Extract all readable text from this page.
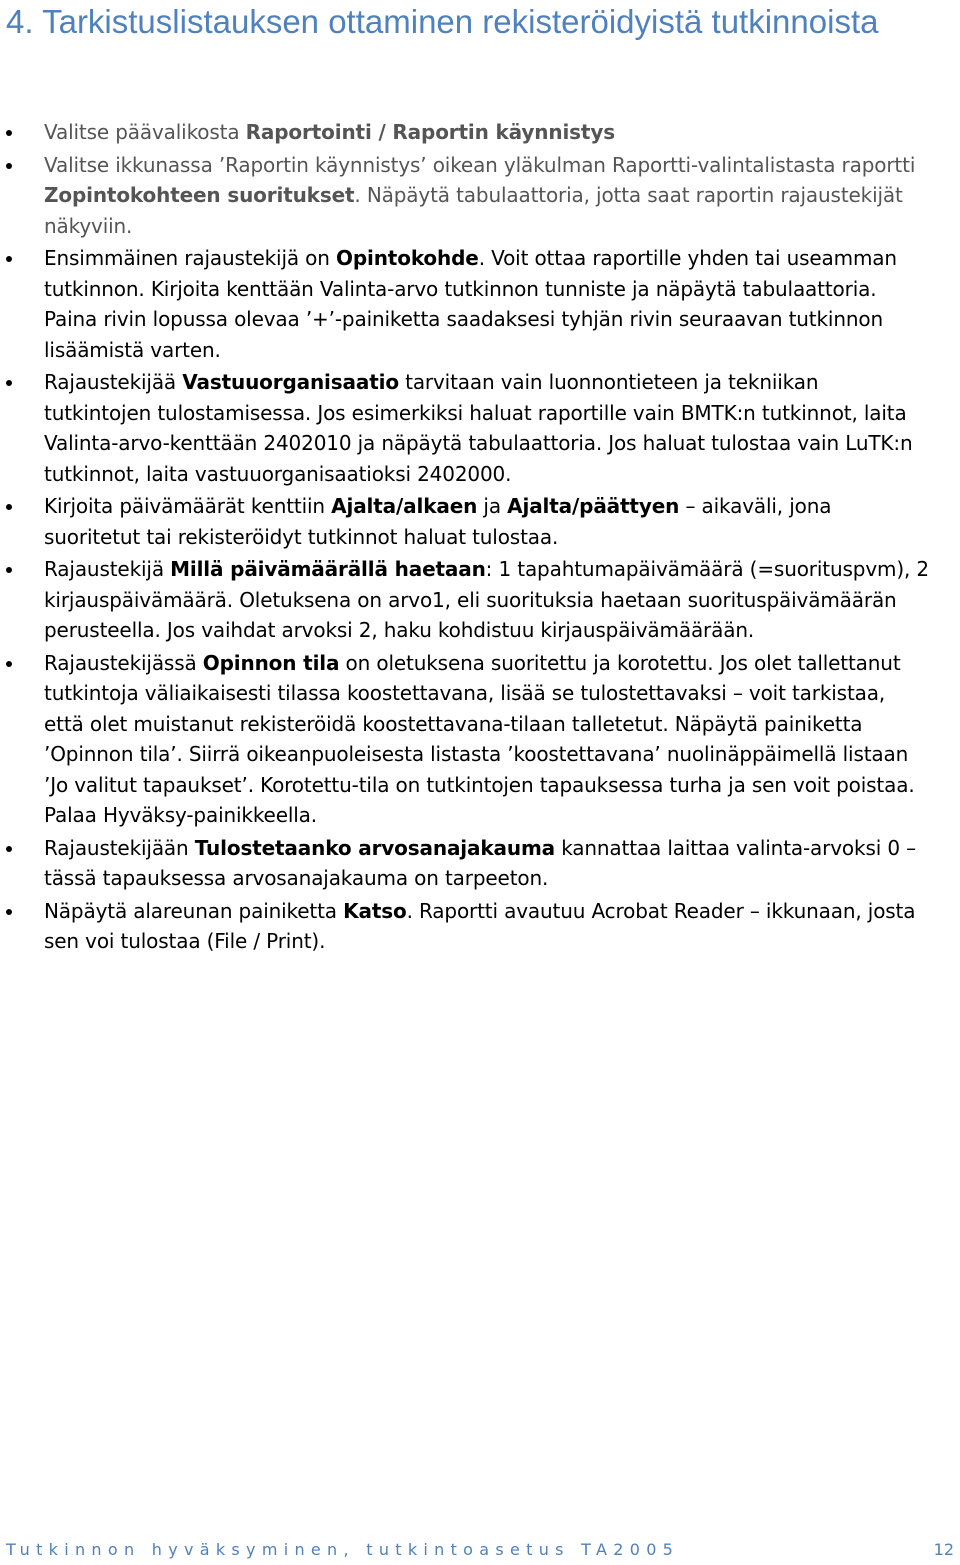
4. Tarkistuslistauksen ottaminen rekisteröidyistä tutkinnoista
Valitse päävalikosta Raportointi / Raportin käynnistys
Valitse ikkunassa ’Raportin käynnistys’ oikean yläkulman Raportti-valintalistasta raportti Zopintokohteen suoritukset. Näpäytä tabulaattoria, jotta saat raportin rajaustekijät näkyviin.
Ensimmäinen rajaustekijä on Opintokohde. Voit ottaa raportille yhden tai useamman tutkinnon. Kirjoita kenttään Valinta-arvo tutkinnon tunniste ja näpäytä tabulaattoria. Paina rivin lopussa olevaa ’+’-painiketta saadaksesi tyhjän rivin seuraavan tutkinnon lisäämistä varten.
Rajaustekijää Vastuuorganisaatio tarvitaan vain luonnontieteen ja tekniikan tutkintojen tulostamisessa. Jos esimerkiksi haluat raportille vain BMTK:n tutkinnot, laita Valinta-arvo-kenttään 2402010 ja näpäytä tabulaattoria. Jos haluat tulostaa vain LuTK:n tutkinnot, laita vastuuorganisaatioksi 2402000.
Kirjoita päivämäärät kenttiin Ajalta/alkaen ja Ajalta/päättyen – aikaväli, jona suoritetut tai rekisteröidyt tutkinnot haluat tulostaa.
Rajaustekijä Millä päivämäärällä haetaan: 1 tapahtumapäivämäärä (=suorituspvm), 2 kirjauspäivämäärä. Oletuksena on arvo1, eli suorituksia haetaan suorituspäivämäärän perusteella. Jos vaihdat arvoksi 2, haku kohdistuu kirjauspäivämäärään.
Rajaustekijässä Opinnon tila on oletuksena suoritettu ja korotettu. Jos olet tallettanut tutkintoja väliaikaisesti tilassa koostettavana, lisää se tulostettavaksi – voit tarkistaa, että olet muistanut rekisteröidä koostettavana-tilaan talletetut. Näpäytä painiketta ’Opinnon tila’. Siirrä oikeanpuoleisesta listasta ’koostettavana’ nuolinäppäimellä listaan ’Jo valitut tapaukset’. Korotettu-tila on tutkintojen tapauksessa turha ja sen voit poistaa. Palaa Hyväksy-painikkeella.
Rajaustekijään Tulostetaanko arvosanajakauma kannattaa laittaa valinta-arvoksi 0 – tässä tapauksessa arvosanajakauma on tarpeeton.
Näpäytä alareunan painiketta Katso. Raportti avautuu Acrobat Reader – ikkunaan, josta sen voi tulostaa (File / Print).
Tutkinnon hyväksyminen, tutkintoasetus TA2005	12
